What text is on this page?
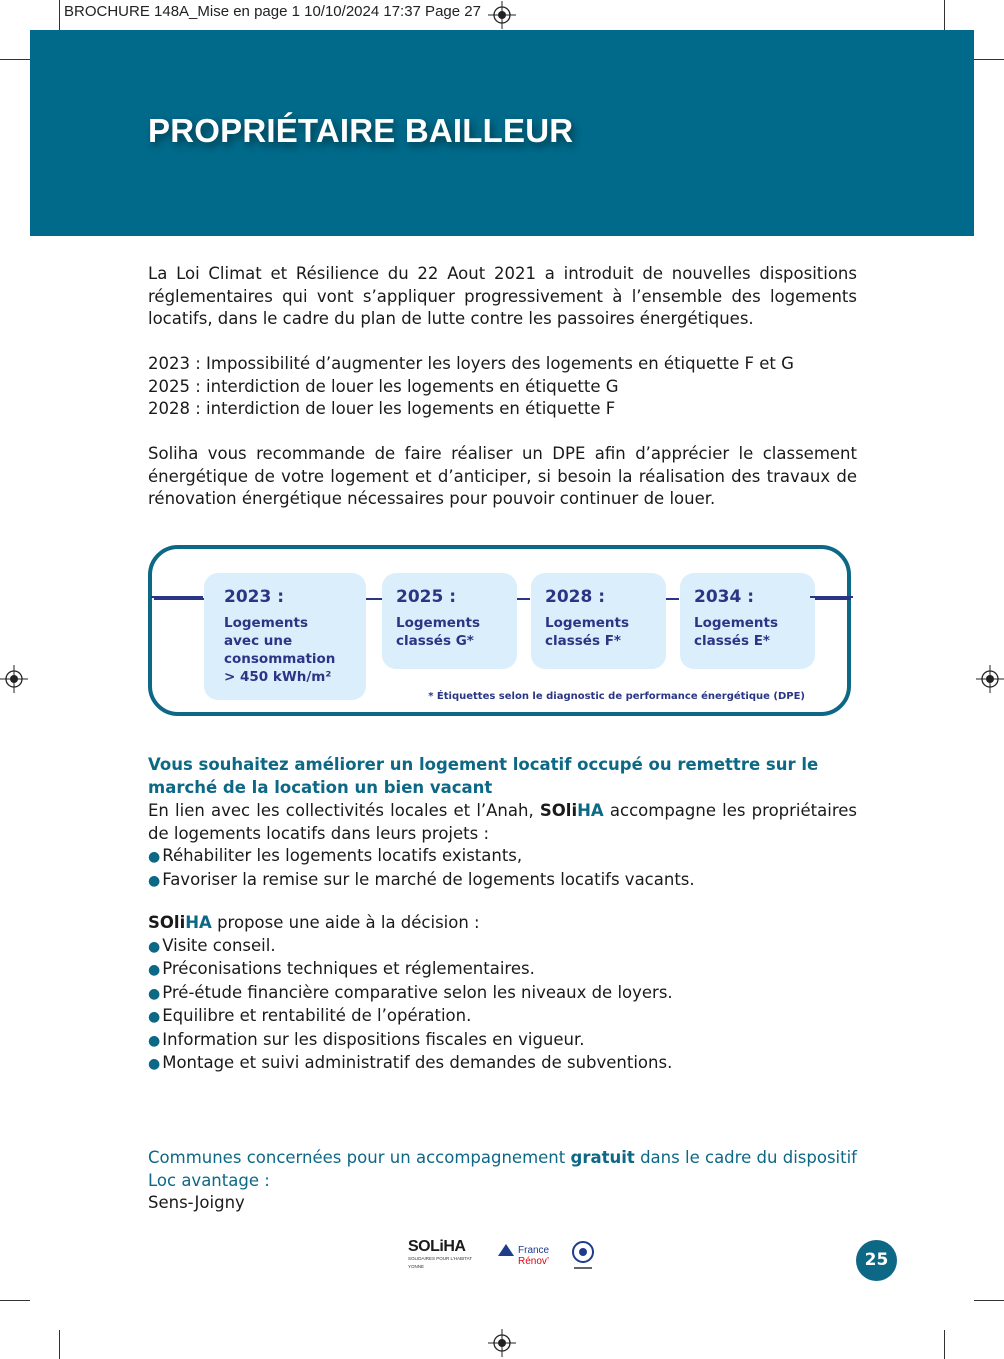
BROCHURE 148A_Mise en page 1 10/10/2024 17:37 Page 27
PROPRIÉTAIRE BAILLEUR

La Loi Climat et Résilience du 22 Aout 2021 a introduit de nouvelles dispositions réglementaires qui vont s’appliquer progressivement à l’ensemble des logements locatifs, dans le cadre du plan de lutte contre les passoires énergétiques.

2023 : Impossibilité d’augmenter les loyers des logements en étiquette F et G

2025 : interdiction de louer les logements en étiquette G

2028 : interdiction de louer les logements en étiquette F

Soliha vous recommande de faire réaliser un DPE afin d’apprécier le classement énergétique de votre logement et d’anticiper, si besoin la réalisation des travaux de rénovation énergétique nécessaires pour pouvoir continuer de louer.

2023 :
Logements
avec une
consommation
> 450 kWh/m²
2025 :
Logements
classés G*
2028 :
Logements
classés F*
2034 :
Logements
classés E*
* Étiquettes selon le diagnostic de performance énergétique (DPE)
Vous souhaitez améliorer un logement locatif occupé ou remettre sur le marché de la location un bien vacant

En lien avec les collectivités locales et l’Anah, SOliHA accompagne les propriétaires de logements locatifs dans leurs projets :

● Réhabiliter les logements locatifs existants,

● Favoriser la remise sur le marché de logements locatifs vacants.

SOliHA propose une aide à la décision :

● Visite conseil.

● Préconisations techniques et réglementaires.

● Pré-étude financière comparative selon les niveaux de loyers.

● Equilibre et rentabilité de l’opération.

● Information sur les dispositions fiscales en vigueur.

● Montage et suivi administratif des demandes de subventions.

Communes concernées pour un accompagnement gratuit dans le cadre du dispositif Loc avantage :

Sens-Joigny

SOLiHA
SOLIDAIRES POUR L’HABITAT
YONNE
France
Rénov’	25
